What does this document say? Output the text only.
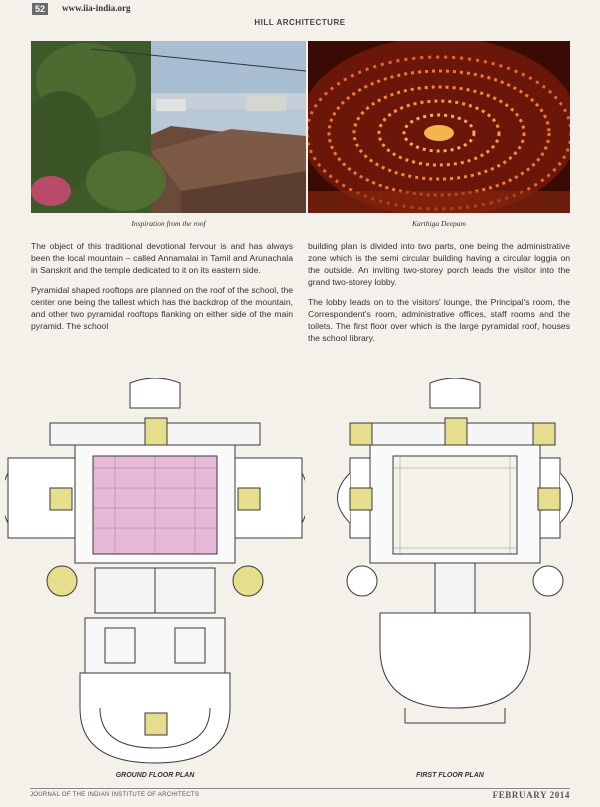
52	www.iia-india.org
HILL ARCHITECTURE
Inspiration from the roof	Karthiga Deepam

The object of this traditional devotional fervour is and has always been the local mountain – called Annamalai in Tamil and Arunachala in Sanskrit and the temple dedicated to it on its eastern side.

Pyramidal shaped rooftops are planned on the roof of the school, the center one being the tallest which has the backdrop of the mountain, and other two pyramidal rooftops flanking on either side of the main pyramid. The school

building plan is divided into two parts, one being the administrative zone which is the semi circular building having a circular loggia on the outside. An inviting two-storey porch leads the visitor into the grand two-storey lobby.

The lobby leads on to the visitors' lounge, the Principal's room, the Correspondent's room, administrative offices, staff rooms and the toilets. The first floor over which is the large pyramidal roof, houses the school library.

GROUND FLOOR PLAN	FIRST FLOOR PLAN
JOURNAL OF THE INDIAN INSTITUTE OF ARCHITECTS	FEBRUARY 2014
